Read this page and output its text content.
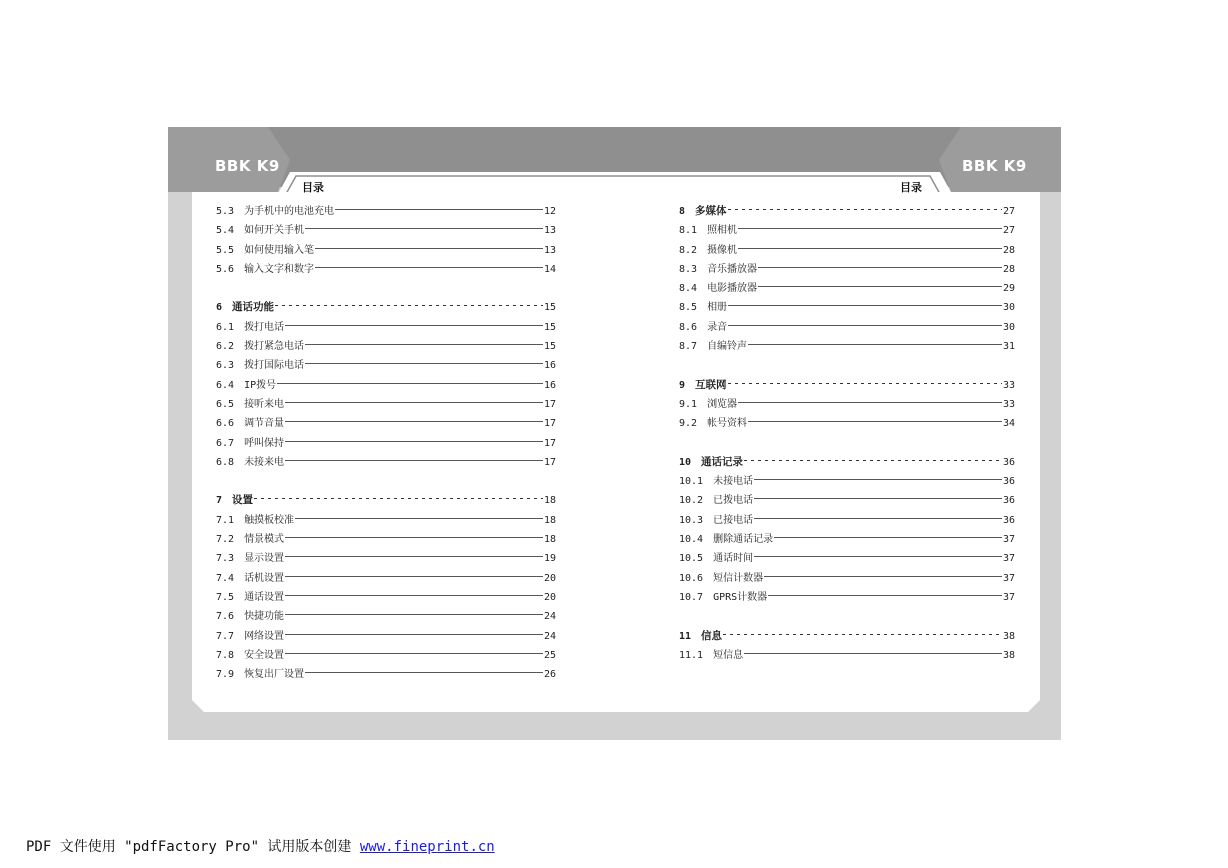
BBK K9	BBK K9
目录	目录
5.3 为手机中的电池充电	12
5.4 如何开关手机	13
5.5 如何使用输入笔	13
5.6 输入文字和数字	14
6 通话功能	15
6.1 拨打电话	15
6.2 拨打紧急电话	15
6.3 拨打国际电话	16
6.4 IP拨号	16
6.5 接听来电	17
6.6 调节音量	17
6.7 呼叫保持	17
6.8 未接来电	17
7 设置	18
7.1 触摸板校准	18
7.2 情景模式	18
7.3 显示设置	19
7.4 话机设置	20
7.5 通话设置	20
7.6 快捷功能	24
7.7 网络设置	24
7.8 安全设置	25
7.9 恢复出厂设置	26
8 多媒体	27
8.1 照相机	27
8.2 摄像机	28
8.3 音乐播放器	28
8.4 电影播放器	29
8.5 相册	30
8.6 录音	30
8.7 自编铃声	31
9 互联网	33
9.1 浏览器	33
9.2 帐号资料	34
10 通话记录	36
10.1 未接电话	36
10.2 已拨电话	36
10.3 已接电话	36
10.4 删除通话记录	37
10.5 通话时间	37
10.6 短信计数器	37
10.7 GPRS计数器	37
11 信息	38
11.1 短信息	38
PDF 文件使用 "pdfFactory Pro" 试用版本创建 www.fineprint.cn
